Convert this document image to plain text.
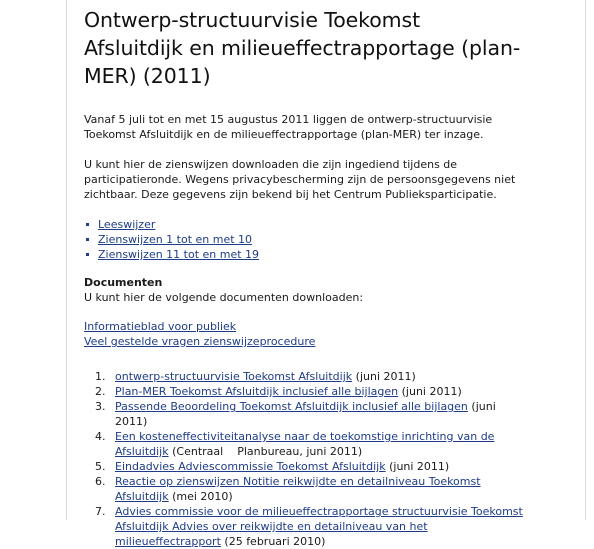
Ontwerp-structuurvisie Toekomst Afsluitdijk en milieueffectrapportage (plan-MER) (2011)

Vanaf 5 juli tot en met 15 augustus 2011 liggen de ontwerp-structuurvisie Toekomst Afsluitdijk en de milieueffectrapportage (plan-MER) ter inzage.

U kunt hier de zienswijzen downloaden die zijn ingediend tijdens de participatieronde. Wegens privacybescherming zijn de persoonsgegevens niet zichtbaar. Deze gegevens zijn bekend bij het Centrum Publieksparticipatie.

Leeswijzer
Zienswijzen 1 tot en met 10
Zienswijzen 11 tot en met 19

Documenten

U kunt hier de volgende documenten downloaden:

Informatieblad voor publiek
Veel gestelde vragen zienswijzeprocedure
1. ontwerp-structuurvisie Toekomst Afsluitdijk (juni 2011)
2. Plan-MER Toekomst Afsluitdijk inclusief alle bijlagen (juni 2011)
3. Passende Beoordeling Toekomst Afsluitdijk inclusief alle bijlagen (juni 2011)
4. Een kosteneffectiviteitanalyse naar de toekomstige inrichting van de Afsluitdijk (Centraal Planbureau, juni 2011)
5. Eindadvies Adviescommissie Toekomst Afsluitdijk (juni 2011)
6. Reactie op zienswijzen Notitie reikwijdte en detailniveau Toekomst Afsluitdijk (mei 2010)
7. Advies commissie voor de milieueffectrapportage structuurvisie Toekomst Afsluitdijk Advies over reikwijdte en detailniveau van het milieueffectrapport (25 februari 2010)
